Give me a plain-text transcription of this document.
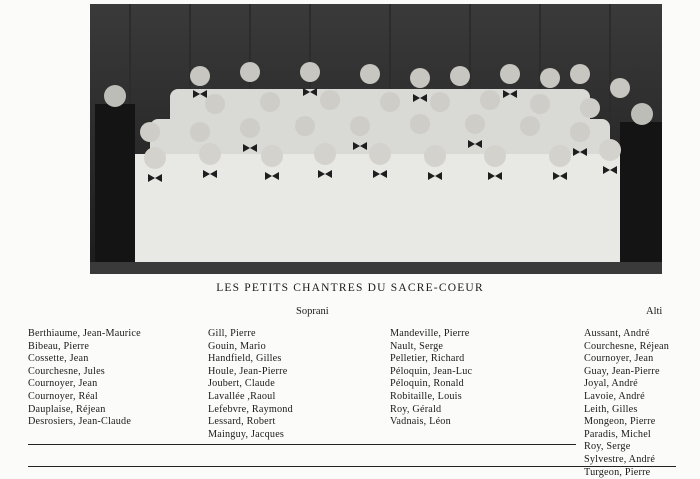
LES PETITS CHANTRES DU SACRE-COEUR
Soprani	Alti
Berthiaume, Jean-Maurice
Bibeau, Pierre
Cossette, Jean
Courchesne, Jules
Cournoyer, Jean
Cournoyer, Réal
Dauplaise, Réjean
Desrosiers, Jean-Claude
Gill, Pierre
Gouin, Mario
Handfield, Gilles
Houle, Jean-Pierre
Joubert, Claude
Lavallée ,Raoul
Lefebvre, Raymond
Lessard, Robert
Mainguy, Jacques
Mandeville, Pierre
Nault, Serge
Pelletier, Richard
Péloquin, Jean-Luc
Péloquin, Ronald
Robitaille, Louis
Roy, Gérald
Vadnais, Léon
Aussant, André
Courchesne, Réjean
Cournoyer, Jean
Guay, Jean-Pierre
Joyal, André
Lavoie, André
Leith, Gilles
Mongeon, Pierre
Paradis, Michel
Roy, Serge
Sylvestre, André
Turgeon, Pierre
